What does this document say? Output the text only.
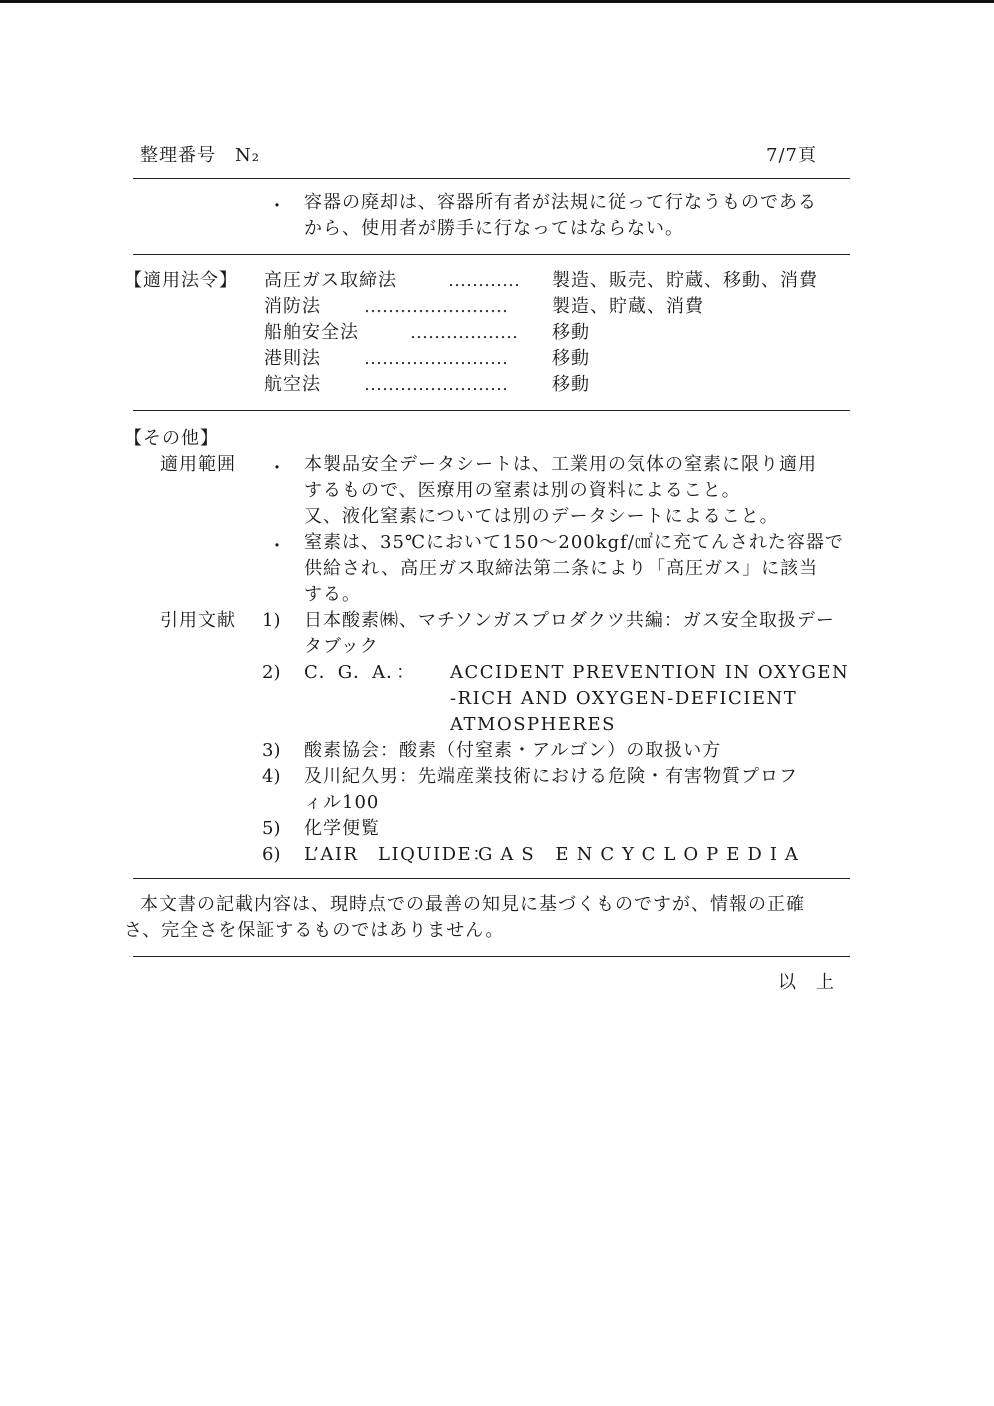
整理番号　N₂	7/7頁
・ 容器の廃却は、容器所有者が法規に従って行なうものである
から、使用者が勝手に行なってはならない。
【適用法令】 高圧ガス取締法	………… 製造、販売、貯蔵、移動、消費
消防法 …………………… 製造、貯蔵、消費
船舶安全法	……………… 移動
港則法 …………………… 移動
航空法 …………………… 移動
【その他】
適用範囲 ・ 本製品安全データシートは、工業用の気体の窒素に限り適用
するもので、医療用の窒素は別の資料によること。
又、液化窒素については別のデータシートによること。
・ 窒素は、35℃において150～200kgf/㎠に充てんされた容器で
供給され、高圧ガス取締法第二条により「高圧ガス」に該当
する。
引用文献 1) 日本酸素㈱、マチソンガスプロダクツ共編：ガス安全取扱デー
タブック
2) C．G．A．： ACCIDENT PREVENTION IN OXYGEN
-RICH AND OXYGEN-DEFICIENT
ATMOSPHERES
3) 酸素協会：酸素（付窒素・アルゴン）の取扱い方
4) 及川紀久男：先端産業技術における危険・有害物質プロフ
ィル100
5) 化学便覧
6) L’AIR　LIQUIDE：
GAS ENCYCLOPEDIA
本文書の記載内容は、現時点での最善の知見に基づくものですが、情報の正確
さ、完全さを保証するものではありません。
以　上
